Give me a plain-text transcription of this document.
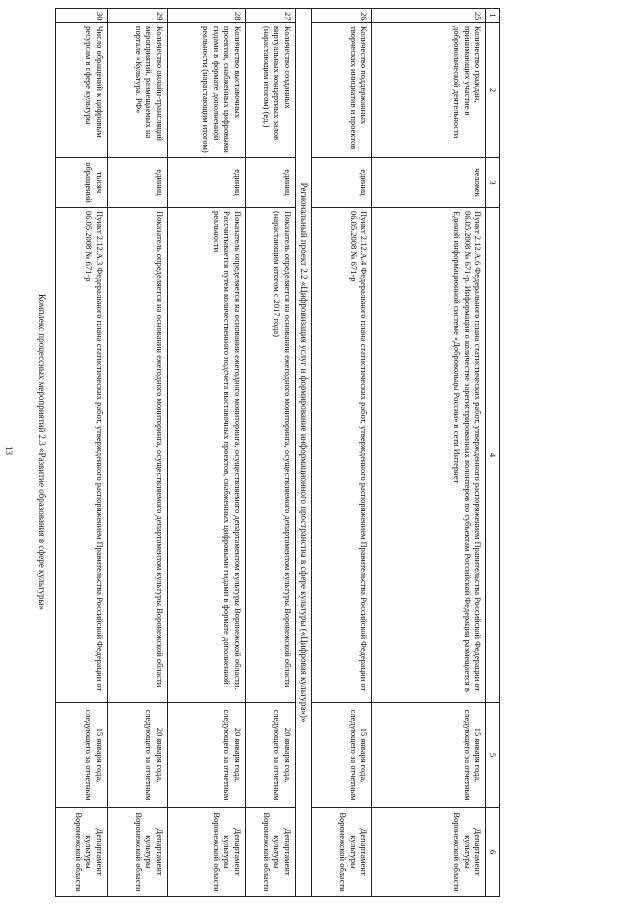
13
1	2	3	4	5	6
25	Количество граждан, принимающих участие в добровольческой деятельности	человек	Пункт 2.12.А.6 Федерального плана статистических работ, утвержденного распоряжением Правительства Российской Федерации от 06.05.2008 № 671-р. Информация о количестве зарегистрированных волонтеров по субъектам Российской Федерации размещается в Единой информационной системе «Добровольцы России» в сети Интернет	15 января года, следующего за отчетным	Департамент культуры Воронежской области
26	Количество поддержанных творческих инициатив и проектов	единиц	Пункт 2.12.А.4 Федерального плана статистических работ, утвержденного распоряжением Правительства Российской Федерации от 06.05.2008 № 671-р	15 января года, следующего за отчетным	Департамент культуры Воронежской области
Региональный проект 2.2 «Цифровизация услуг и формирование информационного пространства в сфере культуры («Цифровая культура»)»					
27	Количество созданных виртуальных концертных залов (нарастающим итогом) (ед.)	единиц	Показатель определяется на основании ежегодного мониторинга, осуществляемого департаментом культуры Воронежской области (нарастающим итогом с 2017 года)	20 января года, следующего за отчетным	Департамент культуры Воронежской области
28	Количество выставочных проектов, снабженных цифровыми гидами в формате дополненной реальности (нарастающим итогом)	единиц	Показатель определяется на основании ежегодного мониторинга, осуществляемого департаментом культуры Воронежской области. Рассчитывается путем количественного подсчета выставочных проектов, снабженных цифровыми гидами в формате дополненной реальности	20 января года, следующего за отчетным	Департамент культуры Воронежской области
29	Количество онлайн-трансляций мероприятий, размещаемых на портале «Культура. РФ»	единиц	Показатель определяется на основании ежегодного мониторинга, осуществляемого департаментом культуры Воронежской области	20 января года, следующего за отчетным	Департамент культуры Воронежской области
30	Число обращений к цифровым ресурсам в сфере культуры	тысяч обращений	Пункт 2.12.А.3 Федерального плана статистических работ, утвержденного распоряжением Правительства Российской Федерации от 06.05.2008 № 671-р	15 января года, следующего за отчетным	Департамент культуры Воронежской области
Комплекс процессных мероприятий 2.3 «Развитие образования в сфере культуры»
